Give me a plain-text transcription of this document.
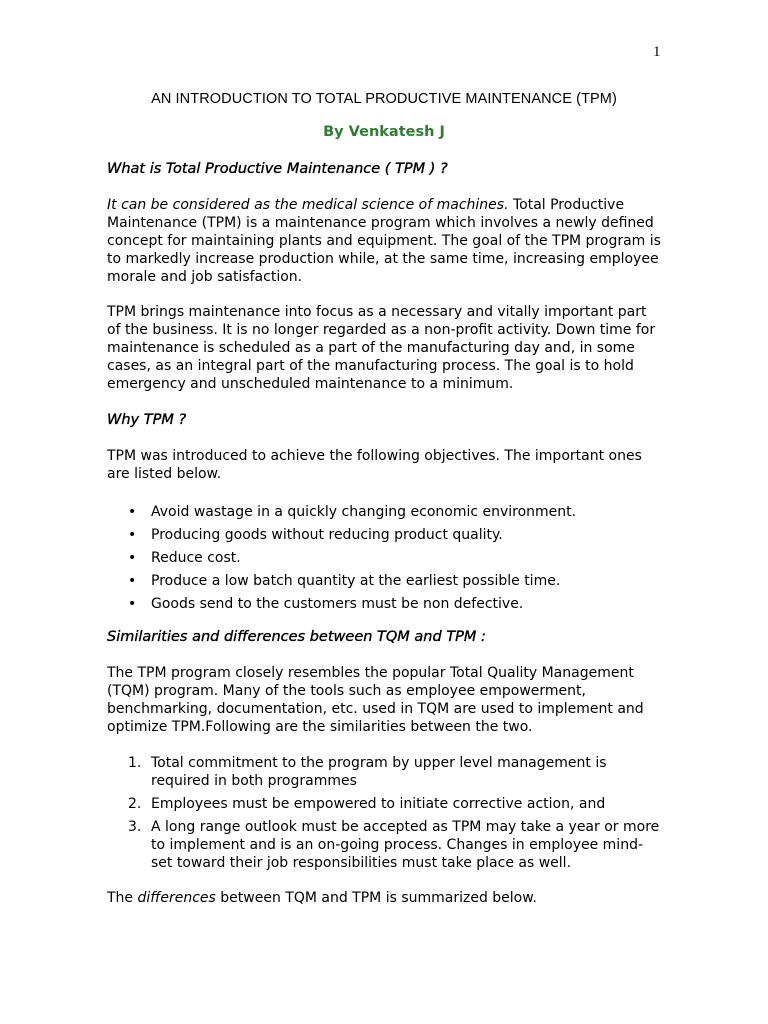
1
AN INTRODUCTION TO TOTAL PRODUCTIVE MAINTENANCE (TPM)
By Venkatesh J
What is Total Productive Maintenance ( TPM ) ?

It can be considered as the medical science of machines. Total Productive Maintenance (TPM) is a maintenance program which involves a newly defined concept for maintaining plants and equipment. The goal of the TPM program is to markedly increase production while, at the same time, increasing employee morale and job satisfaction.

TPM brings maintenance into focus as a necessary and vitally important part of the business. It is no longer regarded as a non-profit activity. Down time for maintenance is scheduled as a part of the manufacturing day and, in some cases, as an integral part of the manufacturing process. The goal is to hold emergency and unscheduled maintenance to a minimum.

Why TPM ?

TPM was introduced to achieve the following objectives. The important ones are listed below.

• Avoid wastage in a quickly changing economic environment.
• Producing goods without reducing product quality.
• Reduce cost.
• Produce a low batch quantity at the earliest possible time.
• Goods send to the customers must be non defective.
Similarities and differences between TQM and TPM :

The TPM program closely resembles the popular Total Quality Management (TQM) program. Many of the tools such as employee empowerment, benchmarking, documentation, etc. used in TQM are used to implement and optimize TPM.Following are the similarities between the two.

1. Total commitment to the program by upper level management is required in both programmes
2. Employees must be empowered to initiate corrective action, and
3. A long range outlook must be accepted as TPM may take a year or more to implement and is an on-going process. Changes in employee mind-set toward their job responsibilities must take place as well.

The differences between TQM and TPM is summarized below.
